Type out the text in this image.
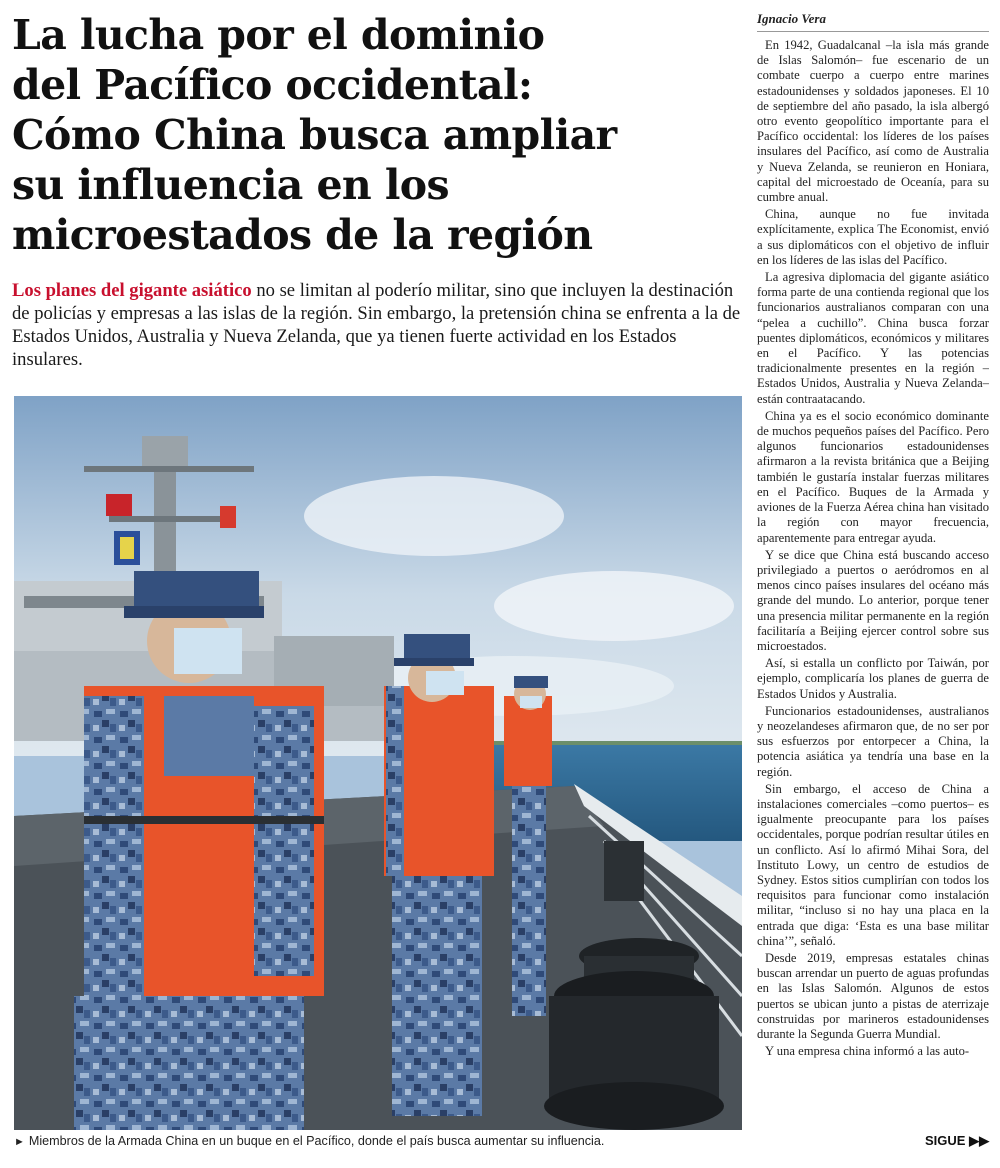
La lucha por el dominio
del Pacífico occidental:
Cómo China busca ampliar
su influencia en los
microestados de la región

Los planes del gigante asiático no se limitan al poderío militar, sino que incluyen la destinación de policías y empresas a las islas de la región. Sin embargo, la pretensión china se enfrenta a la de Estados Unidos, Australia y Nueva Zelanda, que ya tienen fuerte actividad en los Estados insulares.

► Miembros de la Armada China en un buque en el Pacífico, donde el país busca aumentar su influencia.
Ignacio Vera

En 1942, Guadalcanal –la isla más grande de Islas Salomón– fue escenario de un combate cuerpo a cuerpo entre marines estadounidenses y soldados japoneses. El 10 de septiembre del año pasado, la isla albergó otro evento geopolítico importante para el Pacífico occidental: los líderes de los países insulares del Pacífico, así como de Australia y Nueva Zelanda, se reunieron en Honiara, capital del microestado de Oceanía, para su cumbre anual.

China, aunque no fue invitada explícitamente, explica The Economist, envió a sus diplomáticos con el objetivo de influir en los líderes de las islas del Pacífico.

La agresiva diplomacia del gigante asiático forma parte de una contienda regional que los funcionarios australianos comparan con una “pelea a cuchillo”. China busca forzar puentes diplomáticos, económicos y militares en el Pacífico. Y las potencias tradicionalmente presentes en la región –Estados Unidos, Australia y Nueva Zelanda– están contraatacando.

China ya es el socio económico dominante de muchos pequeños países del Pacífico. Pero algunos funcionarios estadounidenses afirmaron a la revista británica que a Beijing también le gustaría instalar fuerzas militares en el Pacífico. Buques de la Armada y aviones de la Fuerza Aérea china han visitado la región con mayor frecuencia, aparentemente para entregar ayuda.

Y se dice que China está buscando acceso privilegiado a puertos o aeródromos en al menos cinco países insulares del océano más grande del mundo. Lo anterior, porque tener una presencia militar permanente en la región facilitaría a Beijing ejercer control sobre sus microestados.

Así, si estalla un conflicto por Taiwán, por ejemplo, complicaría los planes de guerra de Estados Unidos y Australia.

Funcionarios estadounidenses, australianos y neozelandeses afirmaron que, de no ser por sus esfuerzos por entorpecer a China, la potencia asiática ya tendría una base en la región.

Sin embargo, el acceso de China a instalaciones comerciales –como puertos– es igualmente preocupante para los países occidentales, porque podrían resultar útiles en un conflicto. Así lo afirmó Mihai Sora, del Instituto Lowy, un centro de estudios de Sydney. Estos sitios cumplirían con todos los requisitos para funcionar como instalación militar, “incluso si no hay una placa en la entrada que diga: ‘Esta es una base militar china’”, señaló.

Desde 2019, empresas estatales chinas buscan arrendar un puerto de aguas profundas en las Islas Salomón. Algunos de estos puertos se ubican junto a pistas de aterrizaje construidas por marineros estadounidenses durante la Segunda Guerra Mundial.

Y una empresa china informó a las auto-

SIGUE ▶▶
